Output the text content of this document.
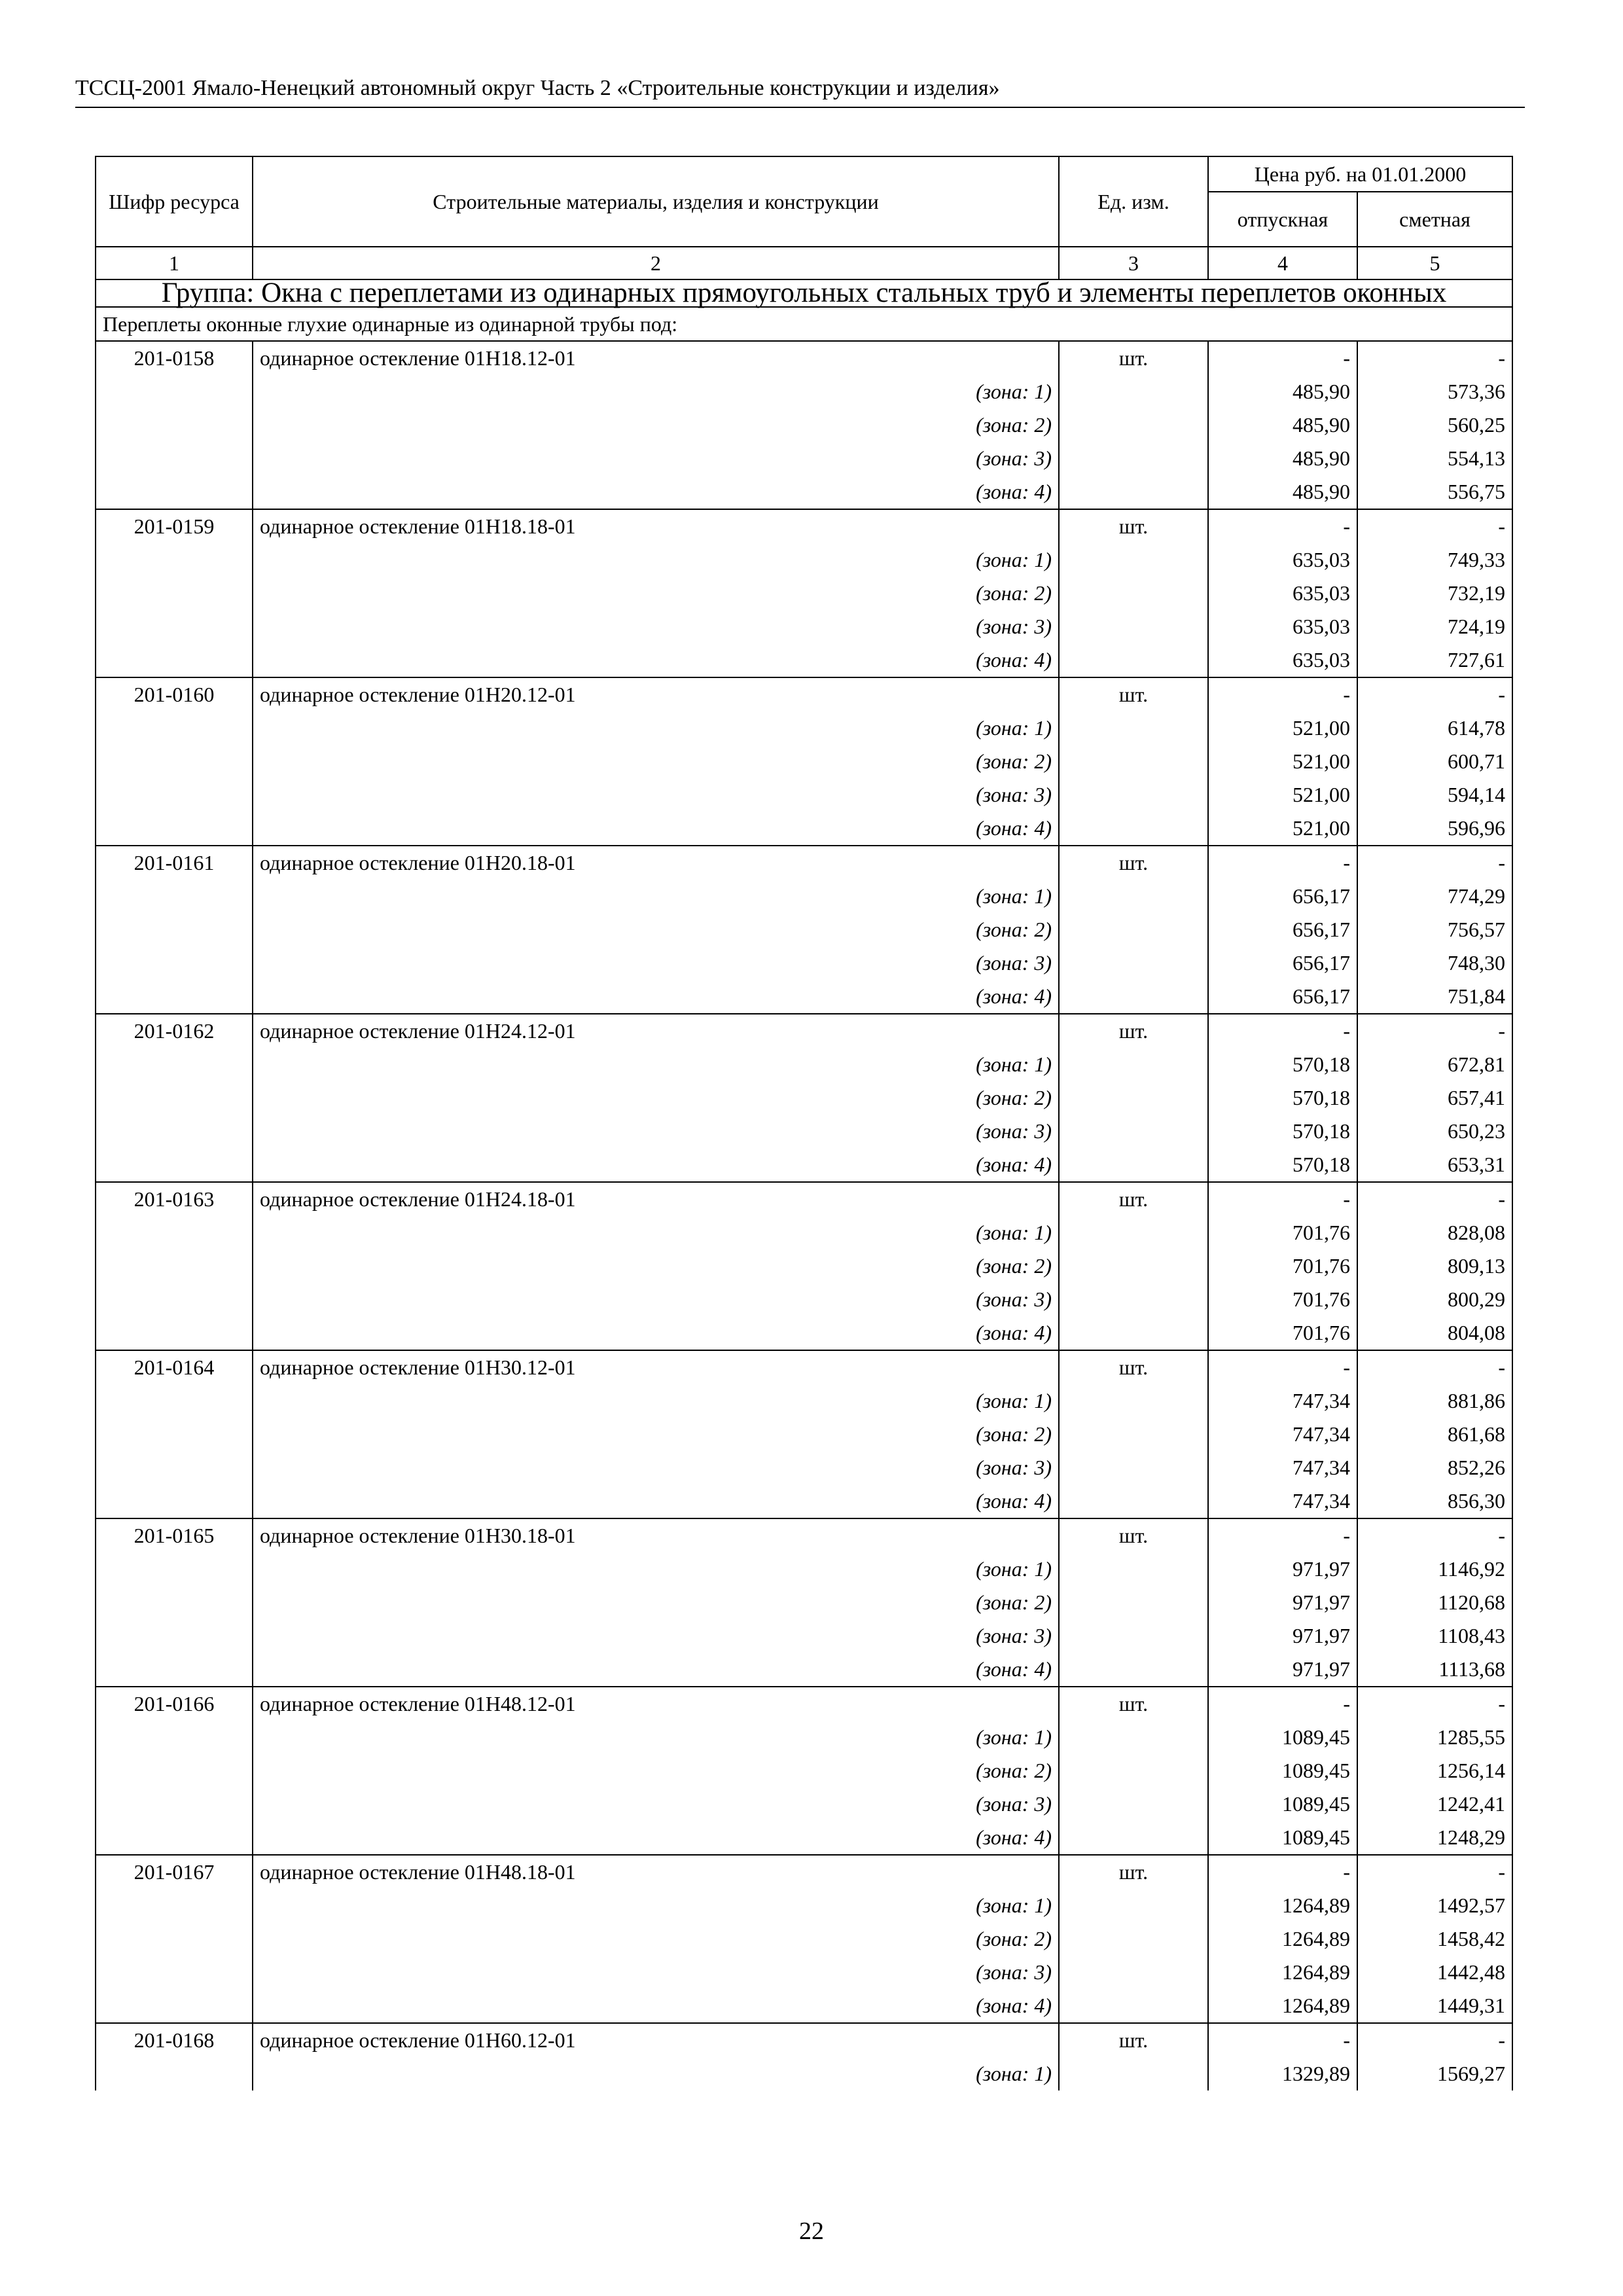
ТССЦ-2001 Ямало-Ненецкий автономный округ Часть 2 «Строительные конструкции и изделия»
Шифр ресурса	Строительные материалы, изделия и конструкции	Ед. изм.	Цена руб. на 01.01.2000	
			отпускная	сметная
1	2	3	4	5
Группа: Окна с переплетами из одинарных прямоугольных стальных труб и элементы переплетов оконных				
Переплеты оконные глухие одинарные из одинарной трубы под:				
201-0158	одинарное остекление 01Н18.12-01	шт.	-	-
	(зона: 1)		485,90	573,36
	(зона: 2)		485,90	560,25
	(зона: 3)		485,90	554,13
	(зона: 4)		485,90	556,75
201-0159	одинарное остекление 01Н18.18-01	шт.	-	-
	(зона: 1)		635,03	749,33
	(зона: 2)		635,03	732,19
	(зона: 3)		635,03	724,19
	(зона: 4)		635,03	727,61
201-0160	одинарное остекление 01Н20.12-01	шт.	-	-
	(зона: 1)		521,00	614,78
	(зона: 2)		521,00	600,71
	(зона: 3)		521,00	594,14
	(зона: 4)		521,00	596,96
201-0161	одинарное остекление 01Н20.18-01	шт.	-	-
	(зона: 1)		656,17	774,29
	(зона: 2)		656,17	756,57
	(зона: 3)		656,17	748,30
	(зона: 4)		656,17	751,84
201-0162	одинарное остекление 01Н24.12-01	шт.	-	-
	(зона: 1)		570,18	672,81
	(зона: 2)		570,18	657,41
	(зона: 3)		570,18	650,23
	(зона: 4)		570,18	653,31
201-0163	одинарное остекление 01Н24.18-01	шт.	-	-
	(зона: 1)		701,76	828,08
	(зона: 2)		701,76	809,13
	(зона: 3)		701,76	800,29
	(зона: 4)		701,76	804,08
201-0164	одинарное остекление 01Н30.12-01	шт.	-	-
	(зона: 1)		747,34	881,86
	(зона: 2)		747,34	861,68
	(зона: 3)		747,34	852,26
	(зона: 4)		747,34	856,30
201-0165	одинарное остекление 01Н30.18-01	шт.	-	-
	(зона: 1)		971,97	1146,92
	(зона: 2)		971,97	1120,68
	(зона: 3)		971,97	1108,43
	(зона: 4)		971,97	1113,68
201-0166	одинарное остекление 01Н48.12-01	шт.	-	-
	(зона: 1)		1089,45	1285,55
	(зона: 2)		1089,45	1256,14
	(зона: 3)		1089,45	1242,41
	(зона: 4)		1089,45	1248,29
201-0167	одинарное остекление 01Н48.18-01	шт.	-	-
	(зона: 1)		1264,89	1492,57
	(зона: 2)		1264,89	1458,42
	(зона: 3)		1264,89	1442,48
	(зона: 4)		1264,89	1449,31
201-0168	одинарное остекление 01Н60.12-01	шт.	-	-
	(зона: 1)		1329,89	1569,27
22
